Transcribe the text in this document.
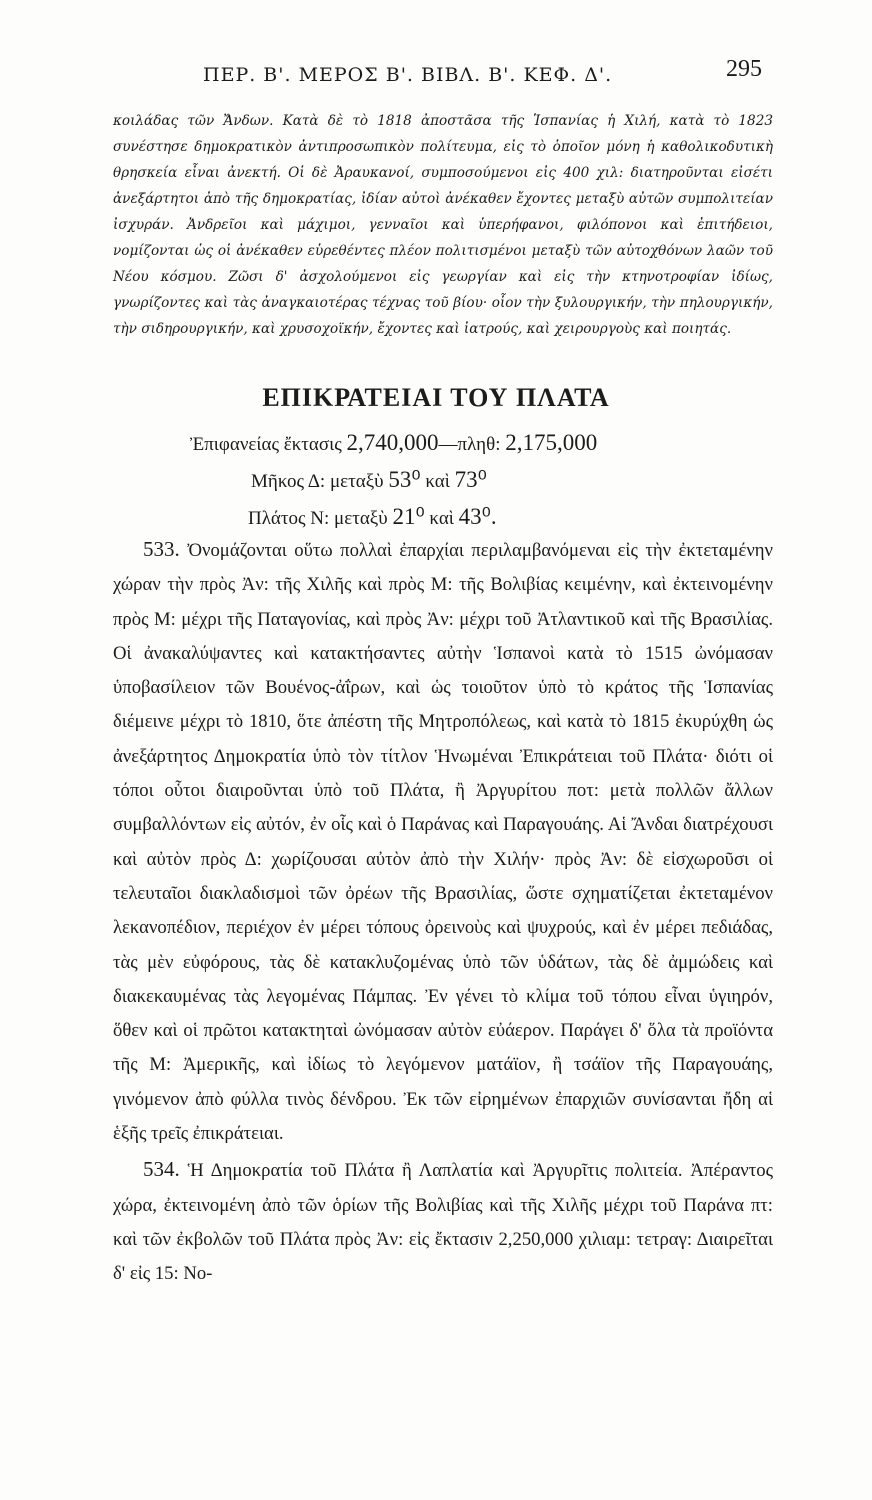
ΠΕΡ. Β'. ΜΕΡΟΣ Β'. ΒΙΒΛ. Β'. ΚΕΦ. Δ'.	295

κοιλάδας τῶν Ἄνδων. Κατὰ δὲ τὸ 1818 ἀποστᾶσα τῆς Ἱσπανίας ἡ Χιλή, κατὰ τὸ 1823 συνέστησε δημοκρατικὸν ἀντιπροσωπικὸν πολίτευμα, εἰς τὸ ὁποῖον μόνη ἡ καθολικοδυτικὴ θρησκεία εἶναι ἀνεκτή. Οἱ δὲ Ἀραυκανοί, συμποσούμενοι εἰς 400 χιλ: διατηροῦνται εἰσέτι ἀνεξάρτητοι ἀπὸ τῆς δημοκρατίας, ἰδίαν αὐτοὶ ἀνέκαθεν ἔχοντες μεταξὺ αὐτῶν συμπολιτείαν ἰσχυράν. Ἀνδρεῖοι καὶ μάχιμοι, γενναῖοι καὶ ὑπερήφανοι, φιλόπονοι καὶ ἐπιτήδειοι, νομίζονται ὡς οἱ ἀνέκαθεν εὑρεθέντες πλέον πολιτισμένοι μεταξὺ τῶν αὐτοχθόνων λαῶν τοῦ Νέου κόσμου. Ζῶσι δ' ἀσχολούμενοι εἰς γεωργίαν καὶ εἰς τὴν κτηνοτροφίαν ἰδίως, γνωρίζοντες καὶ τὰς ἀναγκαιοτέρας τέχνας τοῦ βίου· οἷον τὴν ξυλουργικήν, τὴν πηλουργικήν, τὴν σιδηρουργικήν, καὶ χρυσοχοϊκήν, ἔχοντες καὶ ἰατρούς, καὶ χειρουργοὺς καὶ ποιητάς.

ΕΠΙΚΡΑΤΕΙΑΙ ΤΟΥ ΠΛΑΤΑ
Ἐπιφανείας ἔκτασις 2,740,000—πληθ: 2,175,000
Μῆκος Δ: μεταξὺ 53⁰ καὶ 73⁰
Πλάτος Ν: μεταξὺ 21⁰ καὶ 43⁰.

533. Ὀνομάζονται οὕτω πολλαὶ ἐπαρχίαι περιλαμβανόμεναι εἰς τὴν ἐκτεταμένην χώραν τὴν πρὸς Ἀν: τῆς Χιλῆς καὶ πρὸς Μ: τῆς Βολιβίας κειμένην, καὶ ἐκτεινομένην πρὸς Μ: μέχρι τῆς Παταγονίας, καὶ πρὸς Ἀν: μέχρι τοῦ Ἀτλαντικοῦ καὶ τῆς Βρασιλίας. Οἱ ἀνακαλύψαντες καὶ κατακτήσαντες αὐτὴν Ἱσπανοὶ κατὰ τὸ 1515 ὠνόμασαν ὑποβασίλειον τῶν Βουένος-ἀΐρων, καὶ ὡς τοιοῦτον ὑπὸ τὸ κράτος τῆς Ἱσπανίας διέμεινε μέχρι τὸ 1810, ὅτε ἀπέστη τῆς Μητροπόλεως, καὶ κατὰ τὸ 1815 ἐκυρύχθη ὡς ἀνεξάρτητος Δημοκρατία ὑπὸ τὸν τίτλον Ἡνωμέναι Ἐπικράτειαι τοῦ Πλάτα· διότι οἱ τόποι οὗτοι διαιροῦνται ὑπὸ τοῦ Πλάτα, ἢ Ἀργυρίτου ποτ: μετὰ πολλῶν ἄλλων συμβαλλόντων εἰς αὐτόν, ἐν οἷς καὶ ὁ Παράνας καὶ Παραγουάης. Αἱ Ἄνδαι διατρέχουσι καὶ αὐτὸν πρὸς Δ: χωρίζουσαι αὐτὸν ἀπὸ τὴν Χιλήν· πρὸς Ἀν: δὲ εἰσχωροῦσι οἱ τελευταῖοι διακλαδισμοὶ τῶν ὀρέων τῆς Βρασιλίας, ὥστε σχηματίζεται ἐκτεταμένον λεκανοπέδιον, περιέχον ἐν μέρει τόπους ὀρεινοὺς καὶ ψυχρούς, καὶ ἐν μέρει πεδιάδας, τὰς μὲν εὐφόρους, τὰς δὲ κατακλυζομένας ὑπὸ τῶν ὑδάτων, τὰς δὲ ἀμμώδεις καὶ διακεκαυμένας τὰς λεγομένας Πάμπας. Ἐν γένει τὸ κλίμα τοῦ τόπου εἶναι ὑγιηρόν, ὅθεν καὶ οἱ πρῶτοι κατακτηταὶ ὠνόμασαν αὐτὸν εὐάερον. Παράγει δ' ὅλα τὰ προϊόντα τῆς Μ: Ἀμερικῆς, καὶ ἰδίως τὸ λεγόμενον ματάϊον, ἢ τσάϊον τῆς Παραγουάης, γινόμενον ἀπὸ φύλλα τινὸς δένδρου. Ἐκ τῶν εἰρημένων ἐπαρχιῶν συνίσανται ἤδη αἱ ἑξῆς τρεῖς ἐπικράτειαι.

534. Ἡ Δημοκρατία τοῦ Πλάτα ἢ Λαπλατία καὶ Ἀργυρῖτις πολιτεία. Ἀπέραντος χώρα, ἐκτεινομένη ἀπὸ τῶν ὁρίων τῆς Βολιβίας καὶ τῆς Χιλῆς μέχρι τοῦ Παράνα πτ: καὶ τῶν ἐκβολῶν τοῦ Πλάτα πρὸς Ἀν: εἰς ἔκτασιν 2,250,000 χιλιαμ: τετραγ: Διαιρεῖται δ' εἰς 15: Νο-
